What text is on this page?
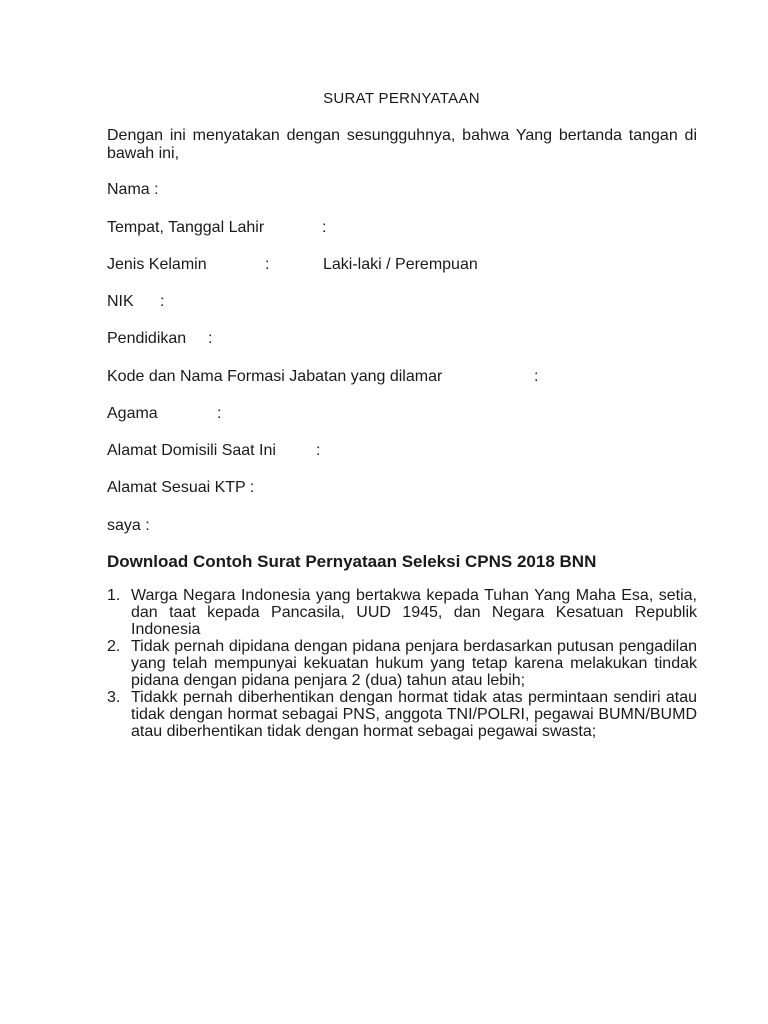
SURAT PERNYATAAN
Dengan ini menyatakan dengan sesungguhnya, bahwa Yang bertanda tangan di bawah ini,
Nama :
Tempat, Tanggal Lahir	:
Jenis Kelamin	:	Laki-laki / Perempuan
NIK :
Pendidikan :
Kode dan Nama Formasi Jabatan yang dilamar	:
Agama	:
Alamat Domisili Saat Ini	:
Alamat Sesuai KTP :
saya :
Download Contoh Surat Pernyataan Seleksi CPNS 2018 BNN
1. Warga Negara Indonesia yang bertakwa kepada Tuhan Yang Maha Esa, setia, dan taat kepada Pancasila, UUD 1945, dan Negara Kesatuan Republik Indonesia
2. Tidak pernah dipidana dengan pidana penjara berdasarkan putusan pengadilan yang telah mempunyai kekuatan hukum yang tetap karena melakukan tindak pidana dengan pidana penjara 2 (dua) tahun atau lebih;
3. Tidakk pernah diberhentikan dengan hormat tidak atas permintaan sendiri atau tidak dengan hormat sebagai PNS, anggota TNI/POLRI, pegawai BUMN/BUMD atau diberhentikan tidak dengan hormat sebagai pegawai swasta;
